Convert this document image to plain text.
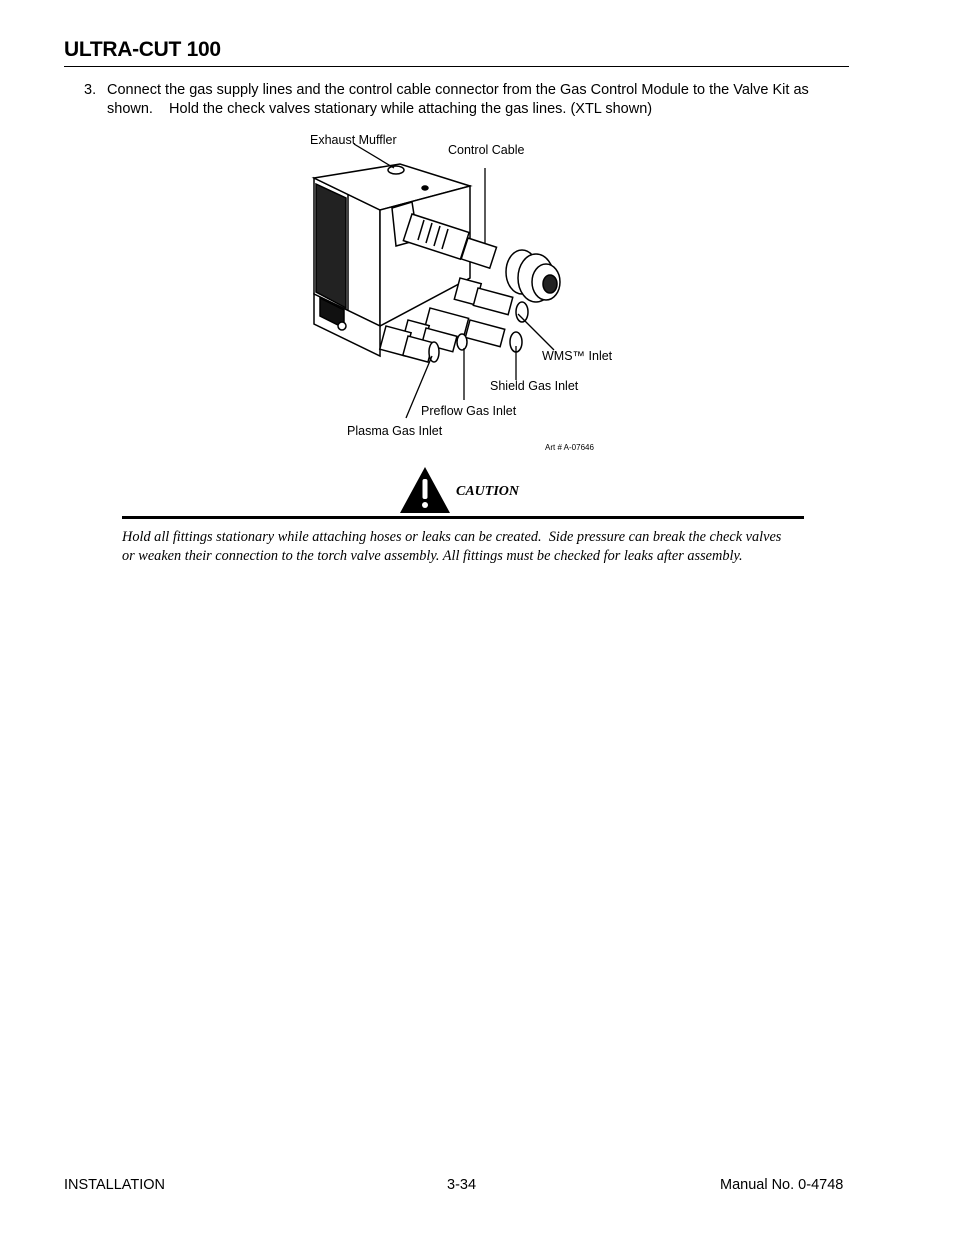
ULTRA-CUT 100
3. Connect the gas supply lines and the control cable connector from the Gas Control Module to the Valve Kit as
shown.    Hold the check valves stationary while attaching the gas lines. (XTL shown)
Exhaust Muffler
Control Cable
WMS™ Inlet
Shield Gas Inlet
Preflow Gas Inlet
Plasma Gas Inlet
Art # A-07646
CAUTION
Hold all fittings stationary while attaching hoses or leaks can be created.  Side pressure can break the check valves
or weaken their connection to the torch valve assembly. All fittings must be checked for leaks after assembly.
INSTALLATION	3-34	Manual No. 0-4748
